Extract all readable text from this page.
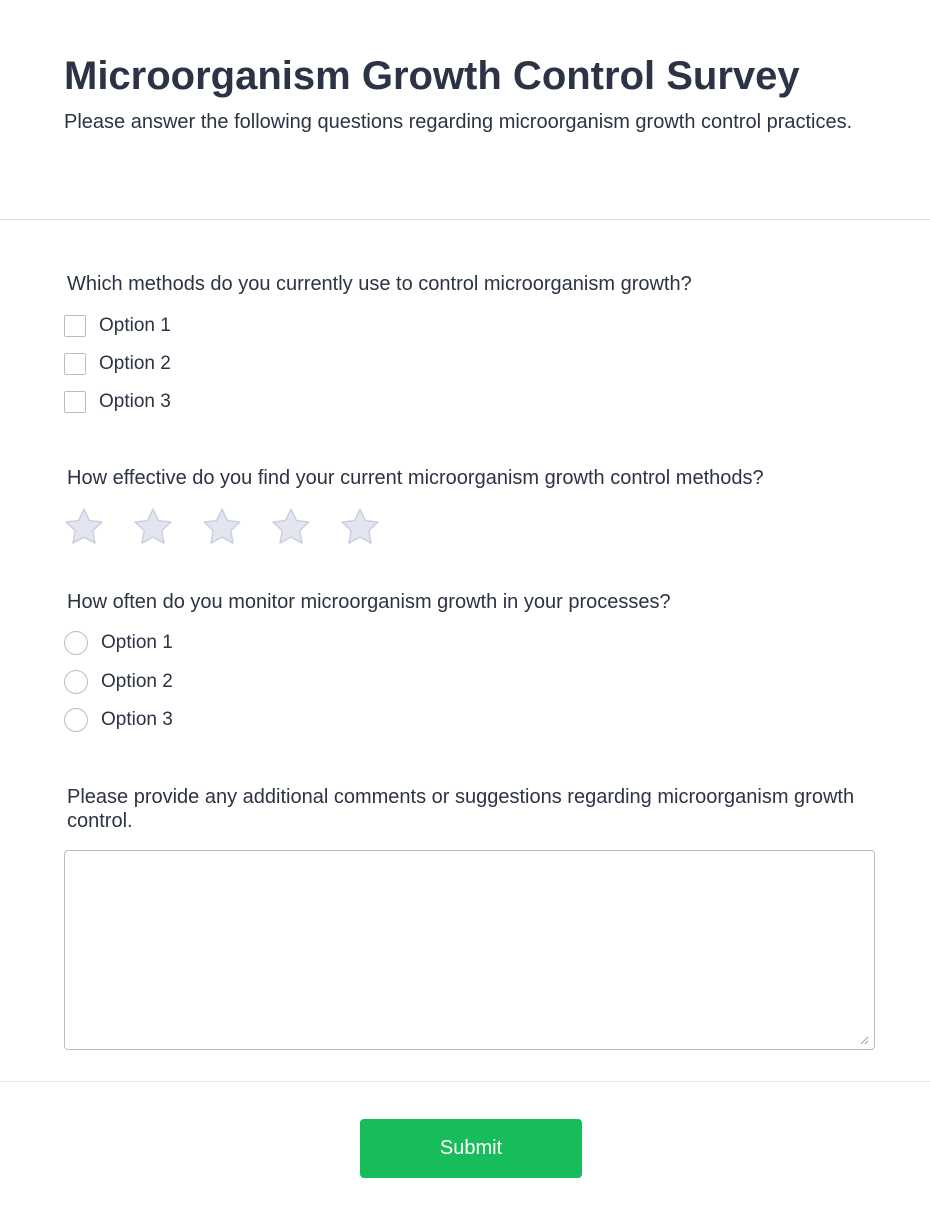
Microorganism Growth Control Survey

Please answer the following questions regarding microorganism growth control practices.

Which methods do you currently use to control microorganism growth?

Option 1
Option 2
Option 3

How effective do you find your current microorganism growth control methods?

How often do you monitor microorganism growth in your processes?

Option 1
Option 2
Option 3

Please provide any additional comments or suggestions regarding microorganism growth control.

Submit
